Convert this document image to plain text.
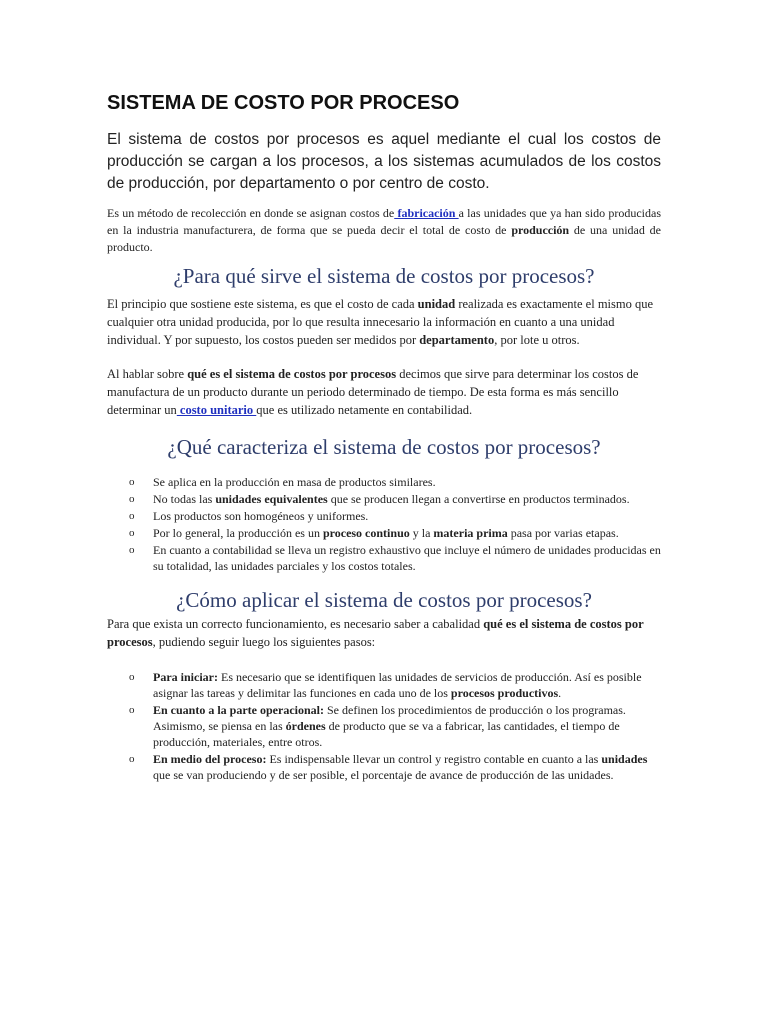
SISTEMA DE COSTO POR PROCESO

El sistema de costos por procesos es aquel mediante el cual los costos de producción se cargan a los procesos, a los sistemas acumulados de los costos de producción, por departamento o por centro de costo.

Es un método de recolección en donde se asignan costos de fabricación a las unidades que ya han sido producidas en la industria manufacturera, de forma que se pueda decir el total de costo de producción de una unidad de producto.

¿Para qué sirve el sistema de costos por procesos?

El principio que sostiene este sistema, es que el costo de cada unidad realizada es exactamente el mismo que cualquier otra unidad producida, por lo que resulta innecesario la información en cuanto a una unidad individual. Y por supuesto, los costos pueden ser medidos por departamento, por lote u otros.

Al hablar sobre qué es el sistema de costos por procesos decimos que sirve para determinar los costos de manufactura de un producto durante un periodo determinado de tiempo. De esta forma es más sencillo determinar un costo unitario que es utilizado netamente en contabilidad.

¿Qué caracteriza el sistema de costos por procesos?
o Se aplica en la producción en masa de productos similares.
o No todas las unidades equivalentes que se producen llegan a convertirse en productos terminados.
o Los productos son homogéneos y uniformes.
o Por lo general, la producción es un proceso continuo y la materia prima pasa por varias etapas.
o En cuanto a contabilidad se lleva un registro exhaustivo que incluye el número de unidades producidas en su totalidad, las unidades parciales y los costos totales.
¿Cómo aplicar el sistema de costos por procesos?

Para que exista un correcto funcionamiento, es necesario saber a cabalidad qué es el sistema de costos por procesos, pudiendo seguir luego los siguientes pasos:

o Para iniciar: Es necesario que se identifiquen las unidades de servicios de producción. Así es posible asignar las tareas y delimitar las funciones en cada uno de los procesos productivos.
o En cuanto a la parte operacional: Se definen los procedimientos de producción o los programas. Asimismo, se piensa en las órdenes de producto que se va a fabricar, las cantidades, el tiempo de producción, materiales, entre otros.
o En medio del proceso: Es indispensable llevar un control y registro contable en cuanto a las unidades que se van produciendo y de ser posible, el porcentaje de avance de producción de las unidades.
